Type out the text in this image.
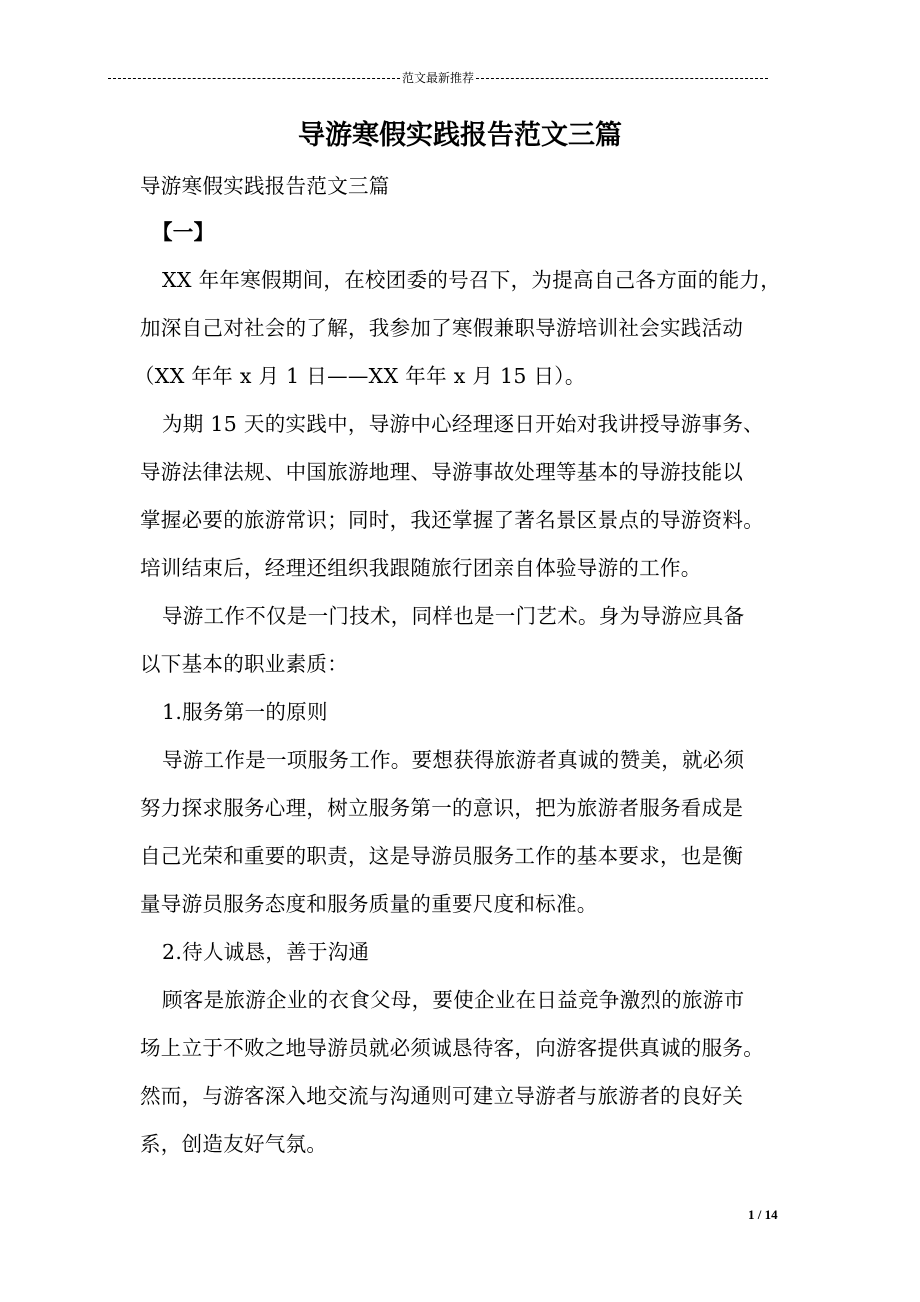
范文最新推荐
导游寒假实践报告范文三篇
导游寒假实践报告范文三篇
【一】
XX 年年寒假期间，在校团委的号召下，为提高自己各方面的能力，
加深自己对社会的了解，我参加了寒假兼职导游培训社会实践活动
（XX 年年 x 月 1 日——XX 年年 x 月 15 日）。
为期 15 天的实践中，导游中心经理逐日开始对我讲授导游事务、
导游法律法规、中国旅游地理、导游事故处理等基本的导游技能以
掌握必要的旅游常识；同时，我还掌握了著名景区景点的导游资料。
培训结束后，经理还组织我跟随旅行团亲自体验导游的工作。
导游工作不仅是一门技术，同样也是一门艺术。身为导游应具备
以下基本的职业素质：
1.服务第一的原则
导游工作是一项服务工作。要想获得旅游者真诚的赞美，就必须
努力探求服务心理，树立服务第一的意识，把为旅游者服务看成是
自己光荣和重要的职责，这是导游员服务工作的基本要求，也是衡
量导游员服务态度和服务质量的重要尺度和标准。
2.待人诚恳，善于沟通
顾客是旅游企业的衣食父母，要使企业在日益竞争激烈的旅游市
场上立于不败之地导游员就必须诚恳待客，向游客提供真诚的服务。
然而，与游客深入地交流与沟通则可建立导游者与旅游者的良好关
系，创造友好气氛。
1 / 14
